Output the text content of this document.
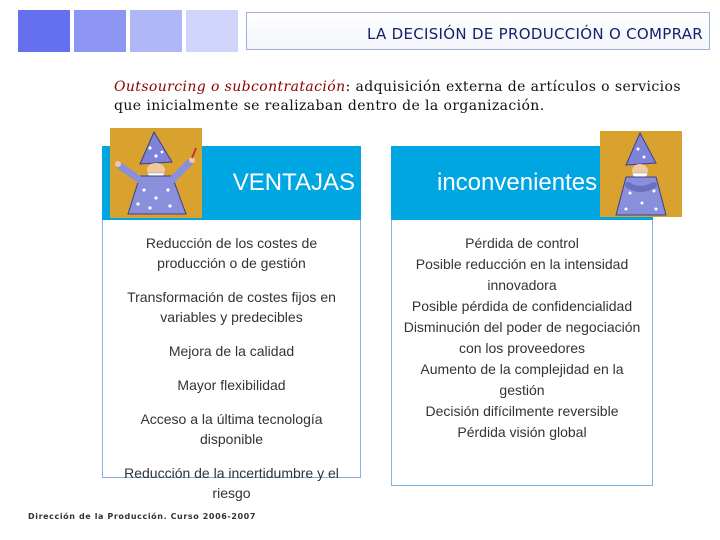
LA DECISIÓN DE PRODUCCIÓN O COMPRAR
Outsourcing o subcontratación: adquisición externa de artículos o servicios que inicialmente se realizaban dentro de la organización.
VENTAJAS
Reducción de los costes de producción o de gestión
Transformación de costes fijos en variables y predecibles
Mejora de la calidad
Mayor flexibilidad
Acceso a la última tecnología disponible
Reducción de la incertidumbre y el riesgo
inconvenientes
Pérdida de control
Posible reducción en la intensidad innovadora
Posible pérdida de confidencialidad
Disminución del poder de negociación con los proveedores
Aumento de la complejidad en la gestión
Decisión difícilmente reversible
Pérdida visión global
Dirección de la Producción. Curso 2006-2007
